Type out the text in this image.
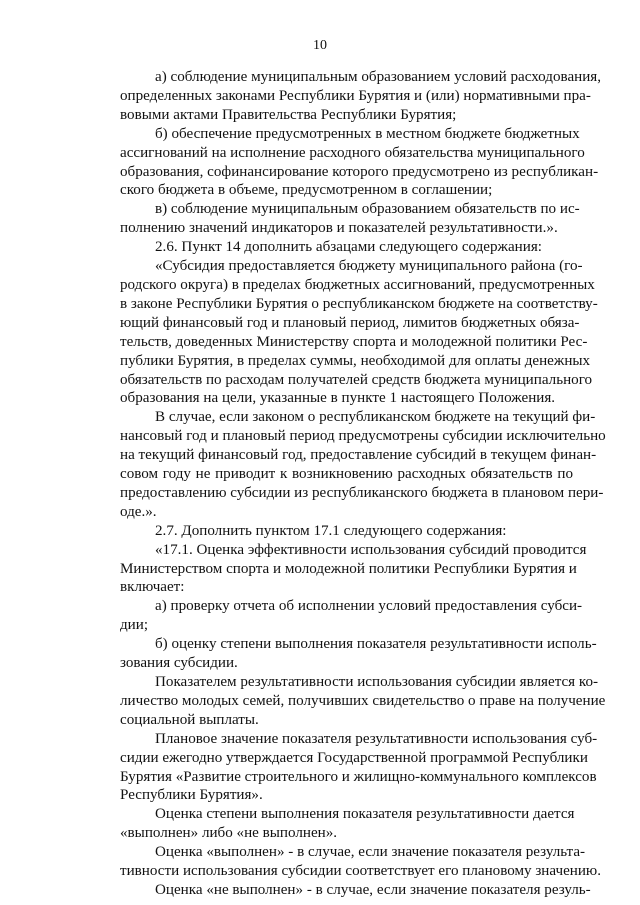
10
а) соблюдение муниципальным образованием условий расходования,
определенных законами Республики Бурятия и (или) нормативными пра-
вовыми актами Правительства Республики Бурятия;
б) обеспечение предусмотренных в местном бюджете бюджетных
ассигнований на исполнение расходного обязательства муниципального
образования, софинансирование которого предусмотрено из республикан-
ского бюджета в объеме, предусмотренном в соглашении;
в) соблюдение муниципальным образованием обязательств по ис-
полнению значений индикаторов и показателей результативности.».
2.6. Пункт 14 дополнить абзацами следующего содержания:
«Субсидия предоставляется бюджету муниципального района (го-
родского округа) в пределах бюджетных ассигнований, предусмотренных
в законе Республики Бурятия о республиканском бюджете на соответству-
ющий финансовый год и плановый период, лимитов бюджетных обяза-
тельств, доведенных Министерству спорта и молодежной политики Рес-
публики Бурятия, в пределах суммы, необходимой для оплаты денежных
обязательств по расходам получателей средств бюджета муниципального
образования на цели, указанные в пункте 1 настоящего Положения.
В случае, если законом о республиканском бюджете на текущий фи-
нансовый год и плановый период предусмотрены субсидии исключительно
на текущий финансовый год, предоставление субсидий в текущем финан-
совом году не приводит к возникновению расходных обязательств по
предоставлению субсидии из республиканского бюджета в плановом пери-
оде.».
2.7. Дополнить пунктом 17.1 следующего содержания:
«17.1. Оценка эффективности использования субсидий проводится
Министерством спорта и молодежной политики Республики Бурятия и
включает:
а) проверку отчета об исполнении условий предоставления субси-
дии;
б) оценку степени выполнения показателя результативности исполь-
зования субсидии.
Показателем результативности использования субсидии является ко-
личество молодых семей, получивших свидетельство о праве на получение
социальной выплаты.
Плановое значение показателя результативности использования суб-
сидии ежегодно утверждается Государственной программой Республики
Бурятия «Развитие строительного и жилищно-коммунального комплексов
Республики Бурятия».
Оценка степени выполнения показателя результативности дается
«выполнен» либо «не выполнен».
Оценка «выполнен» - в случае, если значение показателя результа-
тивности использования субсидии соответствует его плановому значению.
Оценка «не выполнен» - в случае, если значение показателя резуль-
